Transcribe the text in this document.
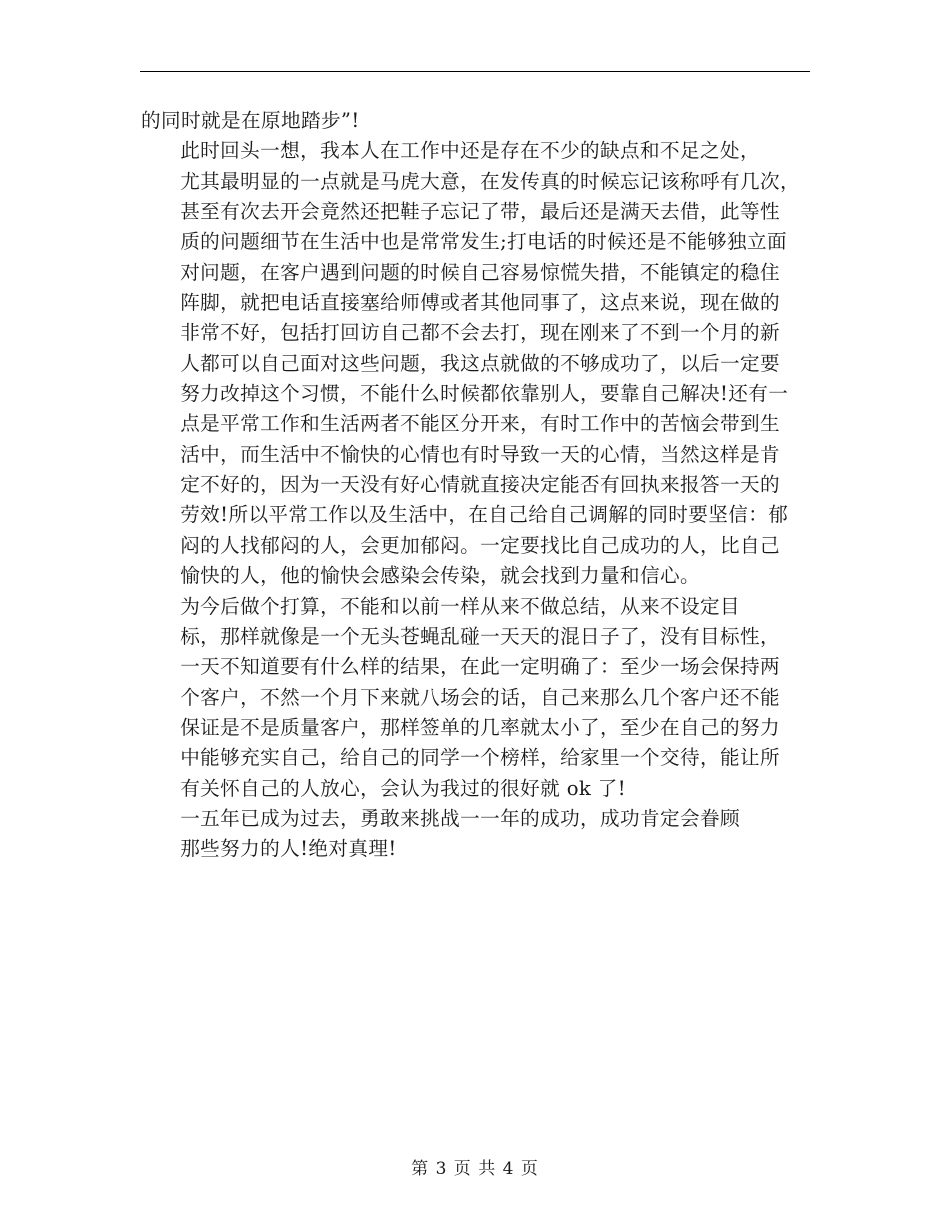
的同时就是在原地踏步”!

此时回头一想，我本人在工作中还是存在不少的缺点和不足之处，
尤其最明显的一点就是马虎大意，在发传真的时候忘记该称呼有几次，
甚至有次去开会竟然还把鞋子忘记了带，最后还是满天去借，此等性
质的问题细节在生活中也是常常发生;打电话的时候还是不能够独立面
对问题，在客户遇到问题的时候自己容易惊慌失措，不能镇定的稳住
阵脚，就把电话直接塞给师傅或者其他同事了，这点来说，现在做的
非常不好，包括打回访自己都不会去打，现在刚来了不到一个月的新
人都可以自己面对这些问题，我这点就做的不够成功了，以后一定要
努力改掉这个习惯，不能什么时候都依靠别人，要靠自己解决!还有一
点是平常工作和生活两者不能区分开来，有时工作中的苦恼会带到生
活中，而生活中不愉快的心情也有时导致一天的心情，当然这样是肯
定不好的，因为一天没有好心情就直接决定能否有回执来报答一天的
劳效!所以平常工作以及生活中，在自己给自己调解的同时要坚信：郁
闷的人找郁闷的人，会更加郁闷。一定要找比自己成功的人，比自己
愉快的人，他的愉快会感染会传染，就会找到力量和信心。

为今后做个打算，不能和以前一样从来不做总结，从来不设定目
标，那样就像是一个无头苍蝇乱碰一天天的混日子了，没有目标性，
一天不知道要有什么样的结果，在此一定明确了：至少一场会保持两
个客户，不然一个月下来就八场会的话，自己来那么几个客户还不能
保证是不是质量客户，那样签单的几率就太小了，至少在自己的努力
中能够充实自己，给自己的同学一个榜样，给家里一个交待，能让所
有关怀自己的人放心，会认为我过的很好就 ok 了!

一五年已成为过去，勇敢来挑战一一年的成功，成功肯定会眷顾
那些努力的人!绝对真理!

第 3 页 共 4 页
